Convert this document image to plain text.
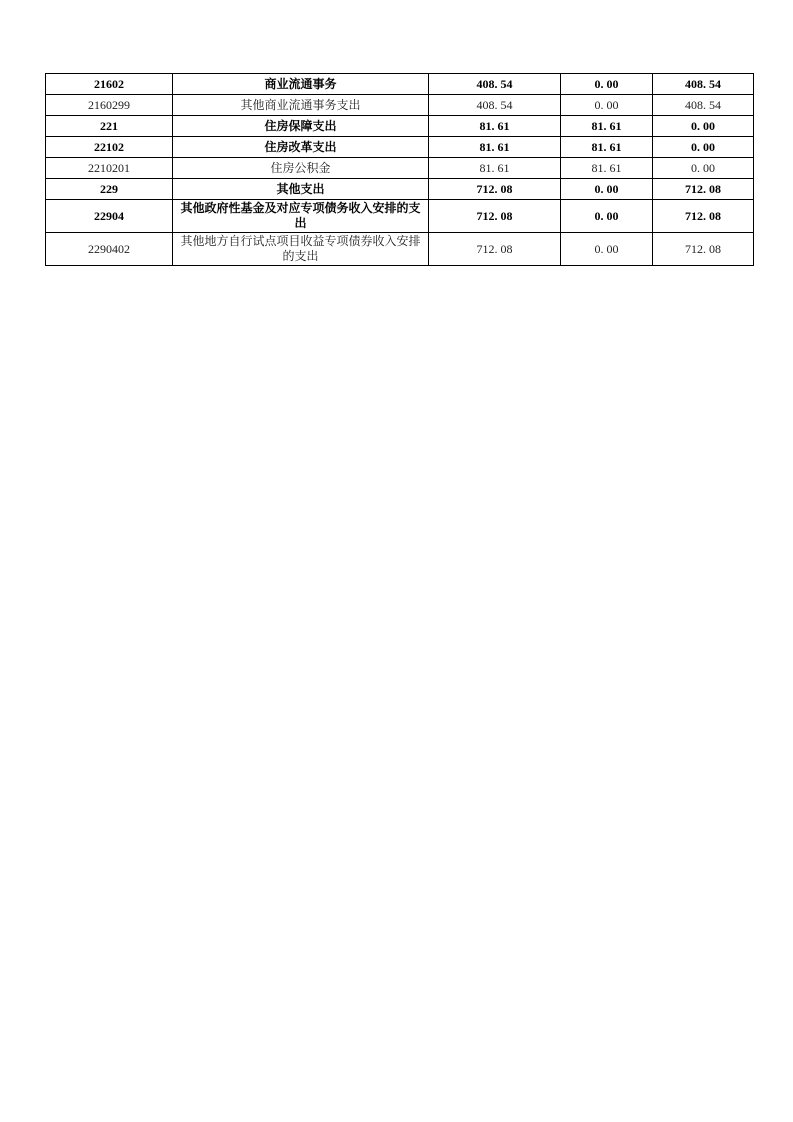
21602	商业流通事务	408. 54	0. 00	408. 54
2160299	其他商业流通事务支出	408. 54	0. 00	408. 54
221	住房保障支出	81. 61	81. 61	0. 00
22102	住房改革支出	81. 61	81. 61	0. 00
2210201	住房公积金	81. 61	81. 61	0. 00
229	其他支出	712. 08	0. 00	712. 08
22904	其他政府性基金及对应专项债务收入安排的支出	712. 08	0. 00	712. 08
2290402	其他地方自行试点项目收益专项债券收入安排的支出	712. 08	0. 00	712. 08
